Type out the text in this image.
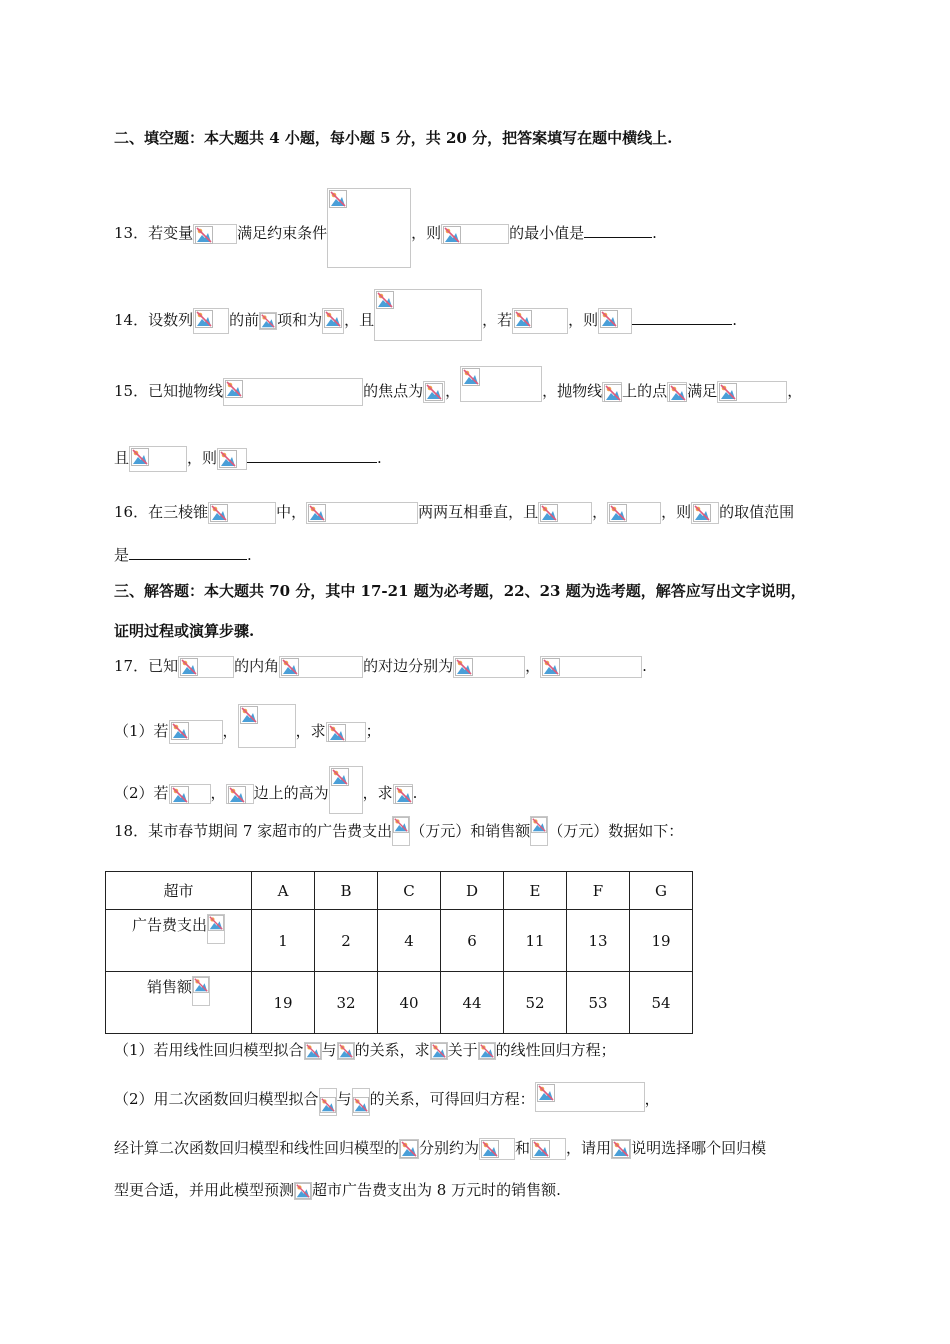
二、填空题：本大题共 4 小题，每小题 5 分，共 20 分，把答案填写在题中横线上.
13．若变量	满足约束条件	，则	的最小值是	.
14．设数列 的前 项和为 ，且	，若	，则	.
15．已知抛物线	的焦点为 ，	，抛物线 上的点 满足	，
且	，则	.
16．在三棱锥	中，	两两互相垂直，且	，	，则 的取值范围
是	.
三、解答题：本大题共 70 分，其中 17-21 题为必考题，22、23 题为选考题，解答应写出文字说明，
证明过程或演算步骤.
17．已知	的内角	的对边分别为	，	.
（1）若	，	，求	；
（2）若	， 边上的高为 ，求 .
18．某市春节期间 7 家超市的广告费支出 （万元）和销售额 （万元）数据如下：
超市	A	B	C	D	E	F	G
广告费支出	1	2	4	6	11	13	19
销售额	19	32	40	44	52	53	54
（1）若用线性回归模型拟合 与 的关系，求 关于 的线性回归方程；
（2）用二次函数回归模型拟合 与 的关系，可得回归方程：	，
经计算二次函数回归模型和线性回归模型的 分别约为 和 ，请用 说明选择哪个回归模
型更合适，并用此模型预测 超市广告费支出为 8 万元时的销售额.
